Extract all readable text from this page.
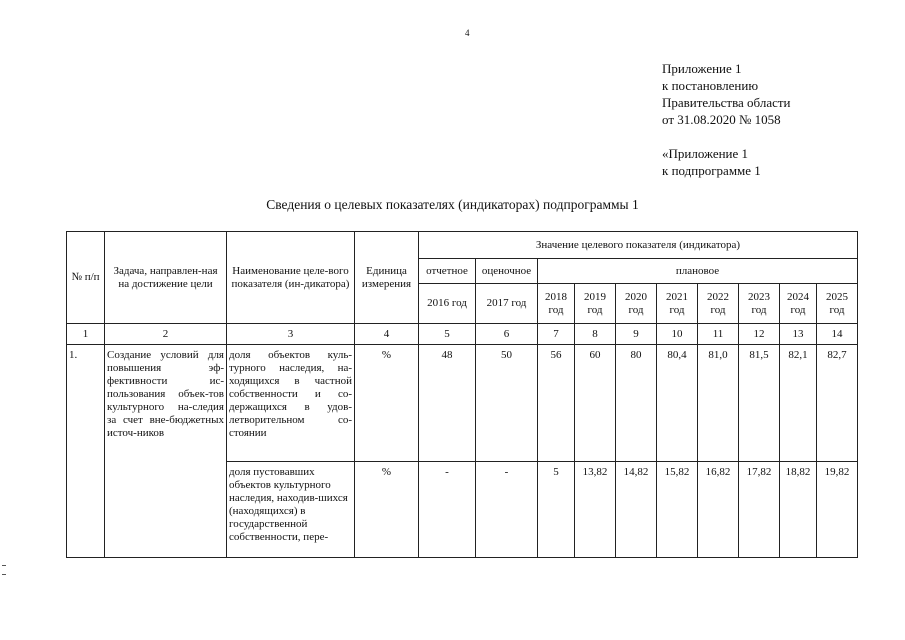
4
Приложение 1
к постановлению
Правительства области
от 31.08.2020 № 1058
«Приложение 1
к подпрограмме 1
Сведения о целевых показателях (индикаторах) подпрограммы 1
№ п/п	Задача, направлен-ная на достижение цели	Наименование целе-вого показателя (ин-дикатора)	Единица измерения	Значение целевого показателя (индикатора)									
				отчетное	оценочное	плановое							
				2016 год	2017 год	2018 год	2019 год	2020 год	2021 год	2022 год	2023 год	2024 год	2025 год
1	2	3	4	5	6	7	8	9	10	11	12	13	14
1.	Создание условий для повышения эф-фективности ис-пользования объек-тов культурного на-следия за счет вне-бюджетных источ-ников	доля объектов куль-турного наследия, на-ходящихся в частной собственности и со-держащихся в удов-летворительном со-стоянии	%	48	50	56	60	80	80,4	81,0	81,5	82,1	82,7
		доля пустовавших объектов культурного наследия, находив-шихся (находящихся) в государственной собственности, пере-	%	-	-	5	13,82	14,82	15,82	16,82	17,82	18,82	19,82
